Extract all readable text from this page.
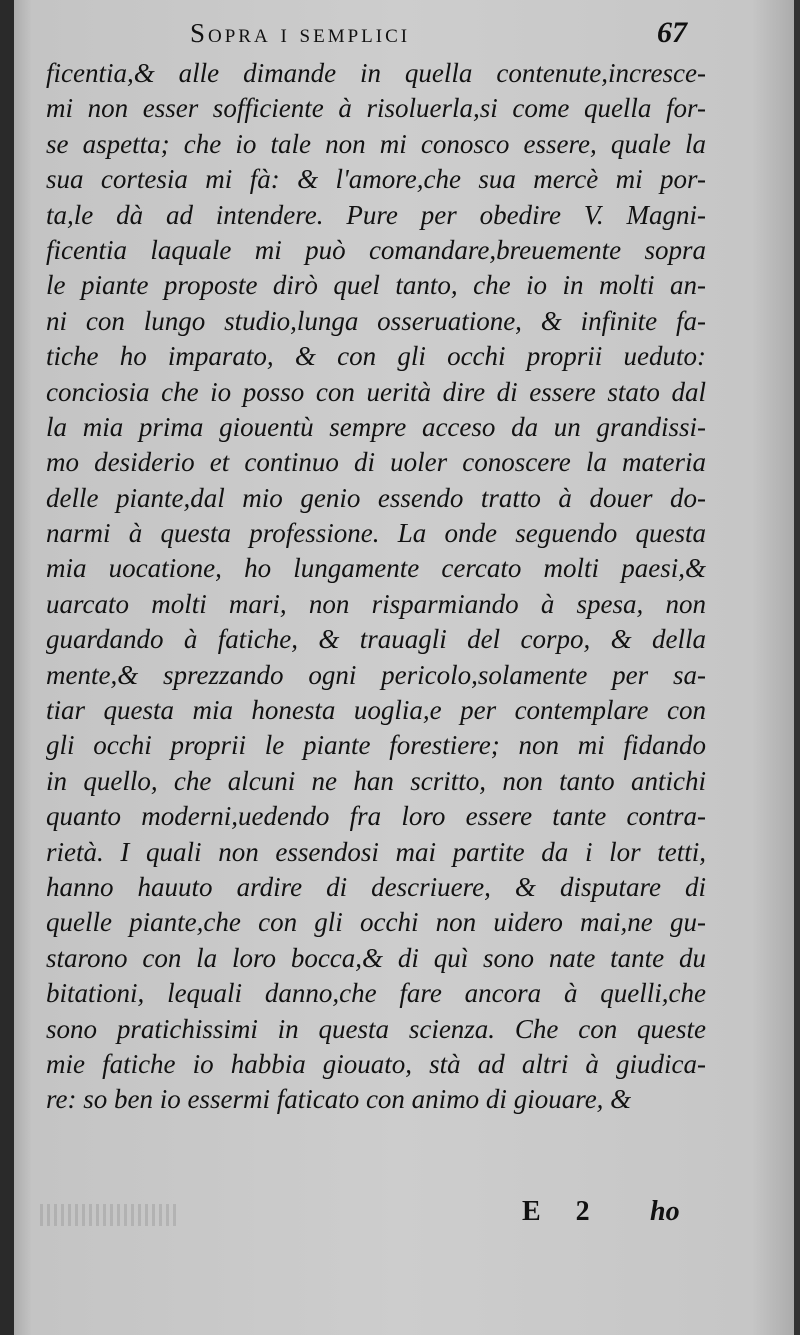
Sopra i semplici	67
ficentia,& alle dimande in quella contenute,incresce-
mi non esser sofficiente à risoluerla,si come quella for-
se aspetta; che io tale non mi conosco essere, quale la
sua cortesia mi fà: & l'amore,che sua mercè mi por-
ta,le dà ad intendere. Pure per obedire V. Magni-
ficentia laquale mi può comandare,breuemente sopra
le piante proposte dirò quel tanto, che io in molti an-
ni con lungo studio,lunga osseruatione, & infinite fa-
tiche ho imparato, & con gli occhi proprii ueduto:
conciosia che io posso con uerità dire di essere stato dal
la mia prima giouentù sempre acceso da un grandissi-
mo desiderio et continuo di uoler conoscere la materia
delle piante,dal mio genio essendo tratto à douer do-
narmi à questa professione. La onde seguendo questa
mia uocatione, ho lungamente cercato molti paesi,&
uarcato molti mari, non risparmiando à spesa, non
guardando à fatiche, & trauagli del corpo, & della
mente,& sprezzando ogni pericolo,solamente per sa-
tiar questa mia honesta uoglia,e per contemplare con
gli occhi proprii le piante forestiere; non mi fidando
in quello, che alcuni ne han scritto, non tanto antichi
quanto moderni,uedendo fra loro essere tante contra-
rietà. I quali non essendosi mai partite da i lor tetti,
hanno hauuto ardire di descriuere, & disputare di
quelle piante,che con gli occhi non uidero mai,ne gu-
starono con la loro bocca,& di quì sono nate tante du
bitationi, lequali danno,che fare ancora à quelli,che
sono pratichissimi in questa scienza. Che con queste
mie fatiche io habbia giouato, stà ad altri à giudica-
re: so ben io essermi faticato con animo di giouare, &
E 2 ho
